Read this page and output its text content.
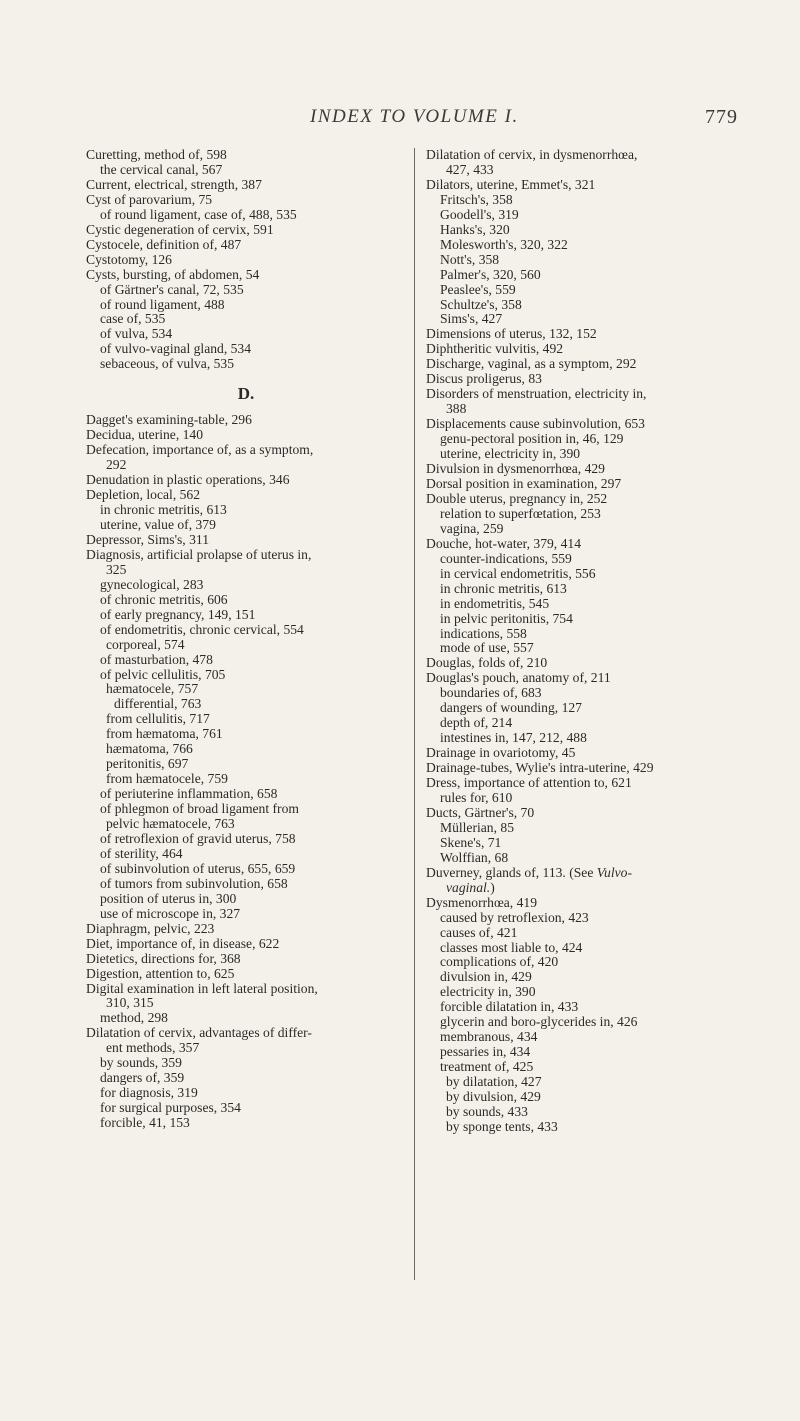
INDEX TO VOLUME I.	779
Curetting, method of, 598
the cervical canal, 567
Current, electrical, strength, 387
Cyst of parovarium, 75
of round ligament, case of, 488, 535
Cystic degeneration of cervix, 591
Cystocele, definition of, 487
Cystotomy, 126
Cysts, bursting, of abdomen, 54
of Gärtner's canal, 72, 535
of round ligament, 488
case of, 535
of vulva, 534
of vulvo-vaginal gland, 534
sebaceous, of vulva, 535
D.
Dagget's examining-table, 296
Decidua, uterine, 140
Defecation, importance of, as a symptom,
292
Denudation in plastic operations, 346
Depletion, local, 562
in chronic metritis, 613
uterine, value of, 379
Depressor, Sims's, 311
Diagnosis, artificial prolapse of uterus in,
325
gynecological, 283
of chronic metritis, 606
of early pregnancy, 149, 151
of endometritis, chronic cervical, 554
corporeal, 574
of masturbation, 478
of pelvic cellulitis, 705
hæmatocele, 757
differential, 763
from cellulitis, 717
from hæmatoma, 761
hæmatoma, 766
peritonitis, 697
from hæmatocele, 759
of periuterine inflammation, 658
of phlegmon of broad ligament from
pelvic hæmatocele, 763
of retroflexion of gravid uterus, 758
of sterility, 464
of subinvolution of uterus, 655, 659
of tumors from subinvolution, 658
position of uterus in, 300
use of microscope in, 327
Diaphragm, pelvic, 223
Diet, importance of, in disease, 622
Dietetics, directions for, 368
Digestion, attention to, 625
Digital examination in left lateral position,
310, 315
method, 298
Dilatation of cervix, advantages of differ-
ent methods, 357
by sounds, 359
dangers of, 359
for diagnosis, 319
for surgical purposes, 354
forcible, 41, 153
Dilatation of cervix, in dysmenorrhœa,
427, 433
Dilators, uterine, Emmet's, 321
Fritsch's, 358
Goodell's, 319
Hanks's, 320
Molesworth's, 320, 322
Nott's, 358
Palmer's, 320, 560
Peaslee's, 559
Schultze's, 358
Sims's, 427
Dimensions of uterus, 132, 152
Diphtheritic vulvitis, 492
Discharge, vaginal, as a symptom, 292
Discus proligerus, 83
Disorders of menstruation, electricity in,
388
Displacements cause subinvolution, 653
genu-pectoral position in, 46, 129
uterine, electricity in, 390
Divulsion in dysmenorrhœa, 429
Dorsal position in examination, 297
Double uterus, pregnancy in, 252
relation to superfœtation, 253
vagina, 259
Douche, hot-water, 379, 414
counter-indications, 559
in cervical endometritis, 556
in chronic metritis, 613
in endometritis, 545
in pelvic peritonitis, 754
indications, 558
mode of use, 557
Douglas, folds of, 210
Douglas's pouch, anatomy of, 211
boundaries of, 683
dangers of wounding, 127
depth of, 214
intestines in, 147, 212, 488
Drainage in ovariotomy, 45
Drainage-tubes, Wylie's intra-uterine, 429
Dress, importance of attention to, 621
rules for, 610
Ducts, Gärtner's, 70
Müllerian, 85
Skene's, 71
Wolffian, 68
Duverney, glands of, 113. (See Vulvo-
vaginal.)
Dysmenorrhœa, 419
caused by retroflexion, 423
causes of, 421
classes most liable to, 424
complications of, 420
divulsion in, 429
electricity in, 390
forcible dilatation in, 433
glycerin and boro-glycerides in, 426
membranous, 434
pessaries in, 434
treatment of, 425
by dilatation, 427
by divulsion, 429
by sounds, 433
by sponge tents, 433
